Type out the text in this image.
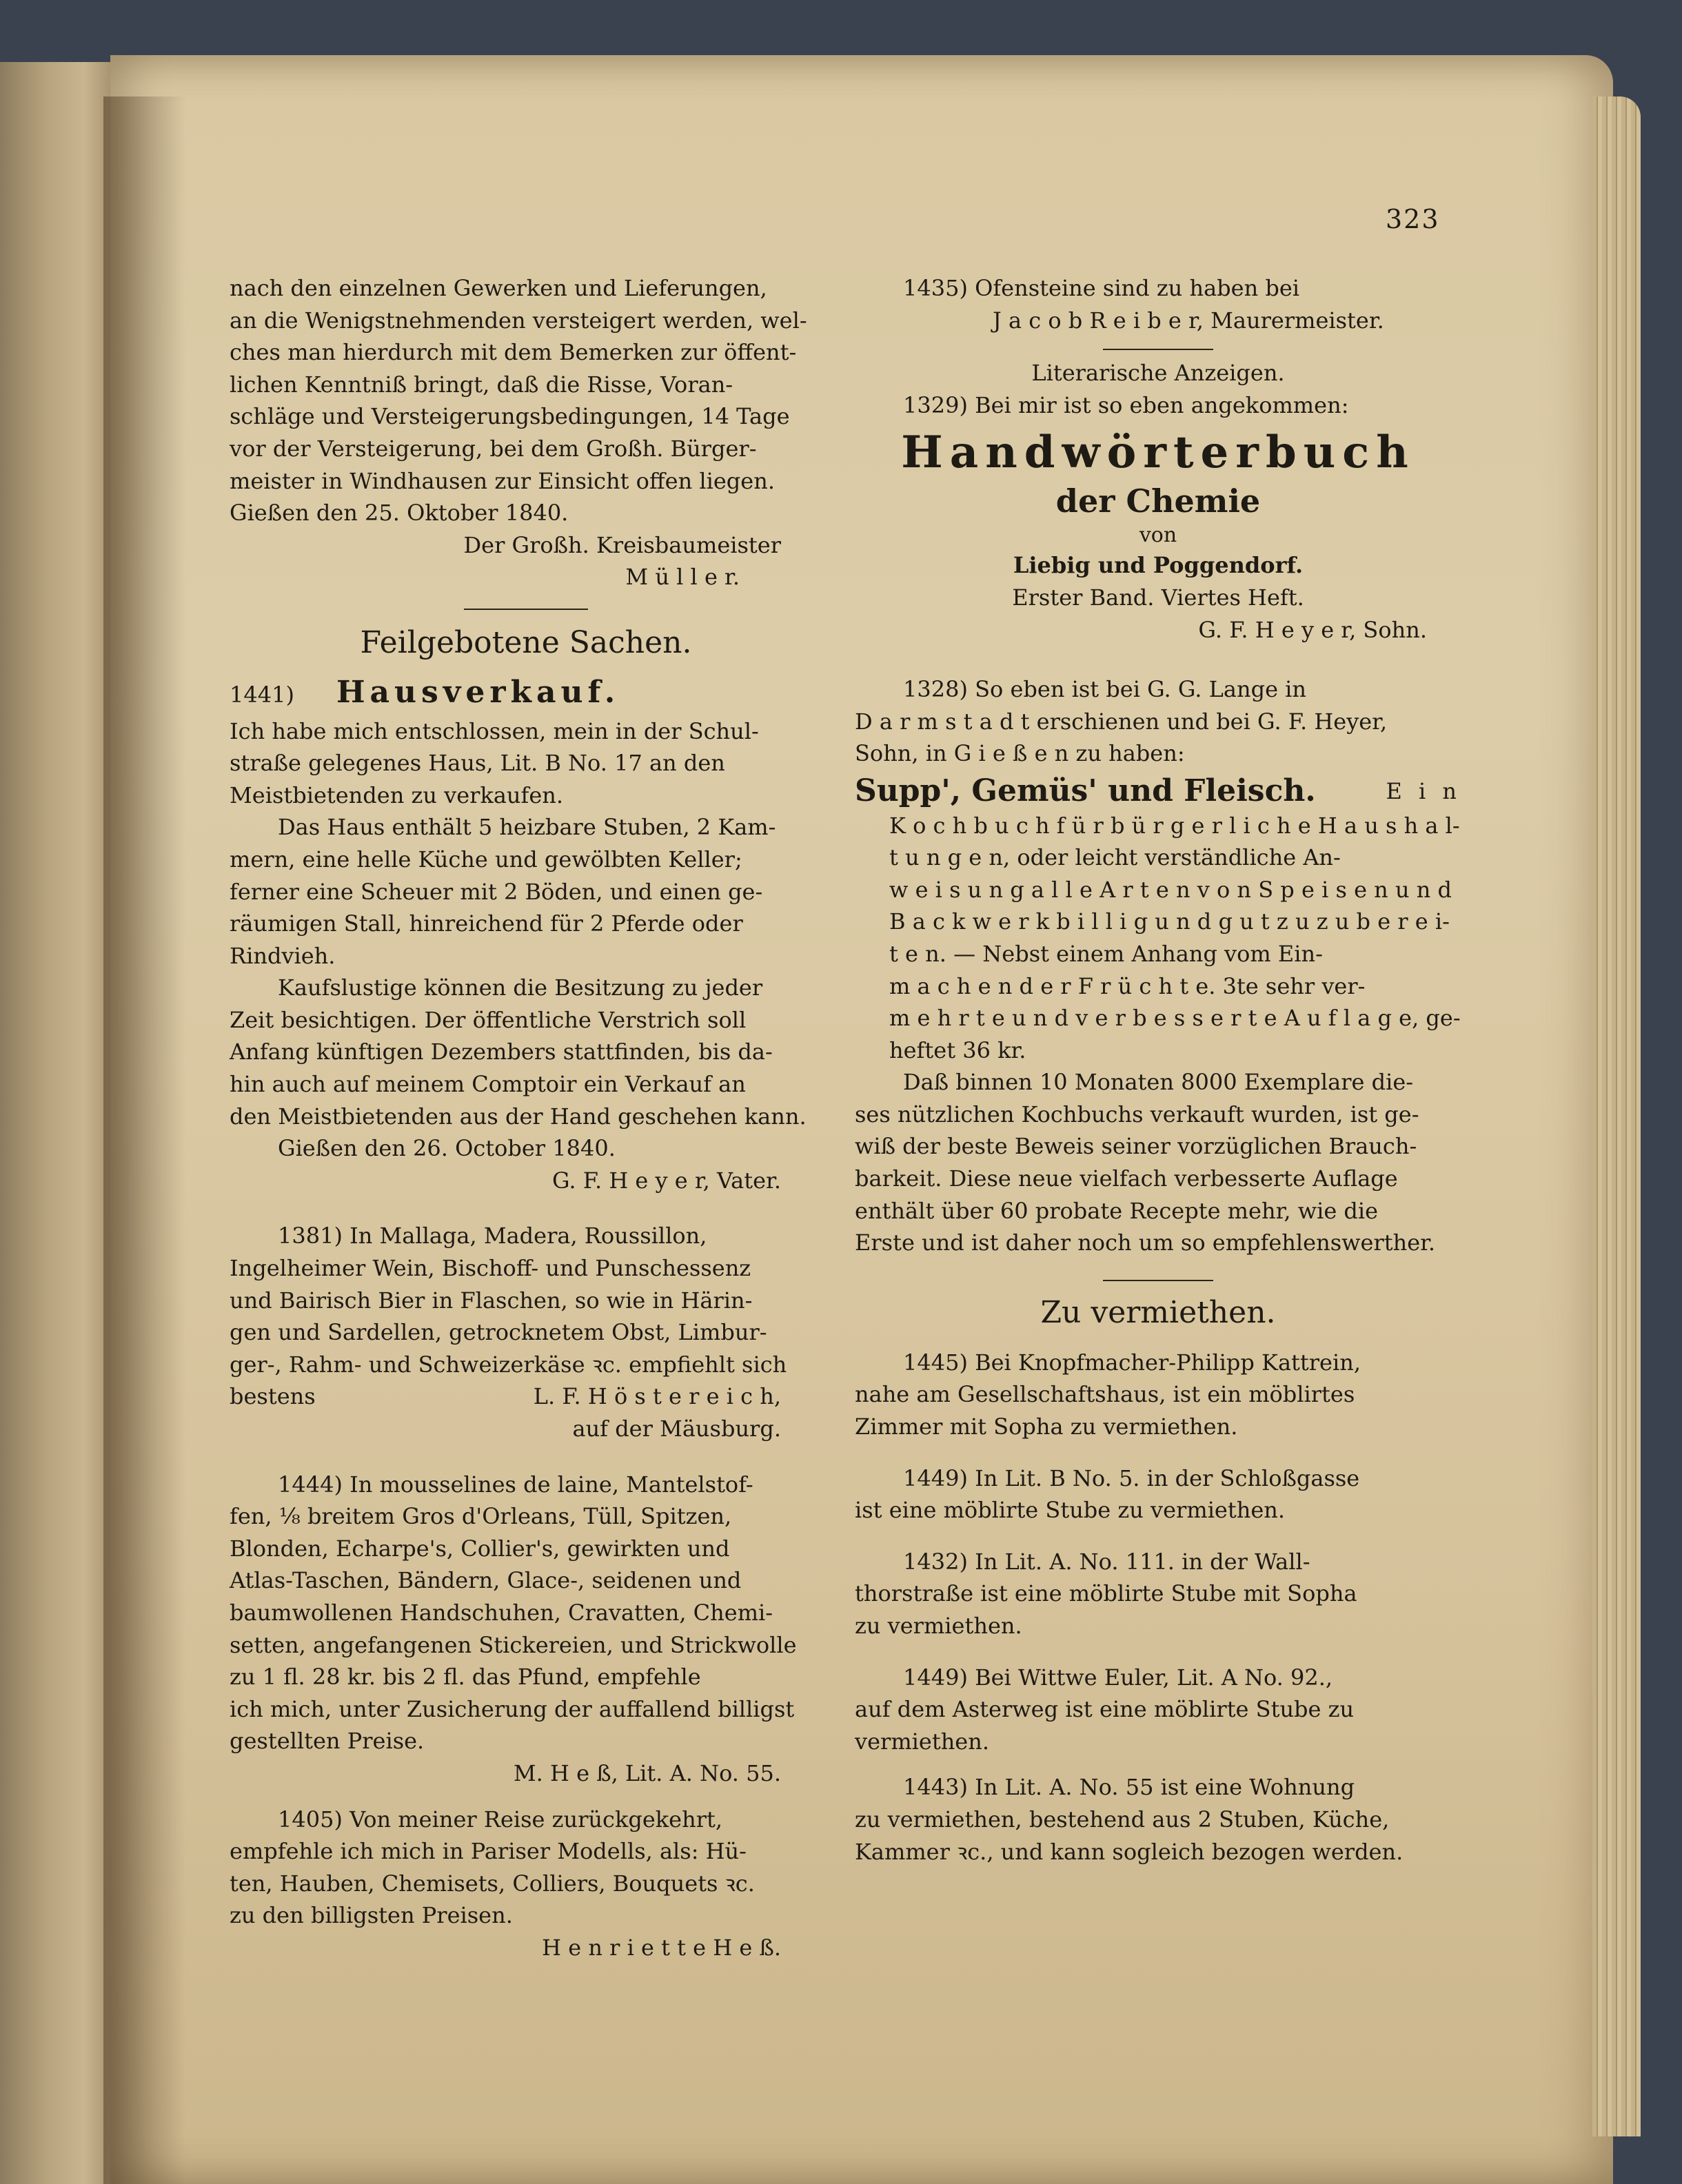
323

nach den einzelnen Gewerken und Lieferungen,

an die Wenigstnehmenden versteigert werden, wel-

ches man hierdurch mit dem Bemerken zur öffent-

lichen Kenntniß bringt, daß die Risse, Voran-

schläge und Versteigerungsbedingungen, 14 Tage

vor der Versteigerung, bei dem Großh. Bürger-

meister in Windhausen zur Einsicht offen liegen.

Gießen den 25. Oktober 1840.

Der Großh. Kreisbaumeister

M ü l l e r.

Feilgebotene Sachen.

1441) Hausverkauf.

Ich habe mich entschlossen, mein in der Schul-

straße gelegenes Haus, Lit. B No. 17 an den

Meistbietenden zu verkaufen.

Das Haus enthält 5 heizbare Stuben, 2 Kam-

mern, eine helle Küche und gewölbten Keller;

ferner eine Scheuer mit 2 Böden, und einen ge-

räumigen Stall, hinreichend für 2 Pferde oder

Rindvieh.

Kaufslustige können die Besitzung zu jeder

Zeit besichtigen. Der öffentliche Verstrich soll

Anfang künftigen Dezembers stattfinden, bis da-

hin auch auf meinem Comptoir ein Verkauf an

den Meistbietenden aus der Hand geschehen kann.

Gießen den 26. October 1840.

G. F. H e y e r, Vater.

1381) In Mallaga, Madera, Roussillon,

Ingelheimer Wein, Bischoff- und Punschessenz

und Bairisch Bier in Flaschen, so wie in Härin-

gen und Sardellen, getrocknetem Obst, Limbur-

ger-, Rahm- und Schweizerkäse ꝛc. empfiehlt sich

bestens	L. F. H ö s t e r e i c h,

auf der Mäusburg.

1444) In mousselines de laine, Mantelstof-

fen, ⅛ breitem Gros d'Orleans, Tüll, Spitzen,

Blonden, Echarpe's, Collier's, gewirkten und

Atlas-Taschen, Bändern, Glace-, seidenen und

baumwollenen Handschuhen, Cravatten, Chemi-

setten, angefangenen Stickereien, und Strickwolle

zu 1 fl. 28 kr. bis 2 fl. das Pfund, empfehle

ich mich, unter Zusicherung der auffallend billigst

gestellten Preise.

M. H e ß, Lit. A. No. 55.

1405) Von meiner Reise zurückgekehrt,

empfehle ich mich in Pariser Modells, als: Hü-

ten, Hauben, Chemisets, Colliers, Bouquets ꝛc.

zu den billigsten Preisen.

H e n r i e t t e H e ß.

1435) Ofensteine sind zu haben bei

J a c o b R e i b e r, Maurermeister.

Literarische Anzeigen.

1329) Bei mir ist so eben angekommen:

Handwörterbuch

der Chemie

von

Liebig und Poggendorf.

Erster Band. Viertes Heft.

G. F. H e y e r, Sohn.

1328) So eben ist bei G. G. Lange in

D a r m s t a d t erschienen und bei G. F. Heyer,

Sohn, in G i e ß e n zu haben:

Supp', Gemüs' und Fleisch.	E i n

K o c h b u c h f ü r b ü r g e r l i c h e H a u s h a l-

t u n g e n, oder leicht verständliche An-

w e i s u n g a l l e A r t e n v o n S p e i s e n u n d

B a c k w e r k b i l l i g u n d g u t z u z u b e r e i-

t e n. — Nebst einem Anhang vom Ein-

m a c h e n d e r F r ü c h t e. 3te sehr ver-

m e h r t e u n d v e r b e s s e r t e A u f l a g e, ge-

heftet 36 kr.

Daß binnen 10 Monaten 8000 Exemplare die-

ses nützlichen Kochbuchs verkauft wurden, ist ge-

wiß der beste Beweis seiner vorzüglichen Brauch-

barkeit. Diese neue vielfach verbesserte Auflage

enthält über 60 probate Recepte mehr, wie die

Erste und ist daher noch um so empfehlenswerther.

Zu vermiethen.

1445) Bei Knopfmacher-Philipp Kattrein,

nahe am Gesellschaftshaus, ist ein möblirtes

Zimmer mit Sopha zu vermiethen.

1449) In Lit. B No. 5. in der Schloßgasse

ist eine möblirte Stube zu vermiethen.

1432) In Lit. A. No. 111. in der Wall-

thorstraße ist eine möblirte Stube mit Sopha

zu vermiethen.

1449) Bei Wittwe Euler, Lit. A No. 92.,

auf dem Asterweg ist eine möblirte Stube zu

vermiethen.

1443) In Lit. A. No. 55 ist eine Wohnung

zu vermiethen, bestehend aus 2 Stuben, Küche,

Kammer ꝛc., und kann sogleich bezogen werden.
